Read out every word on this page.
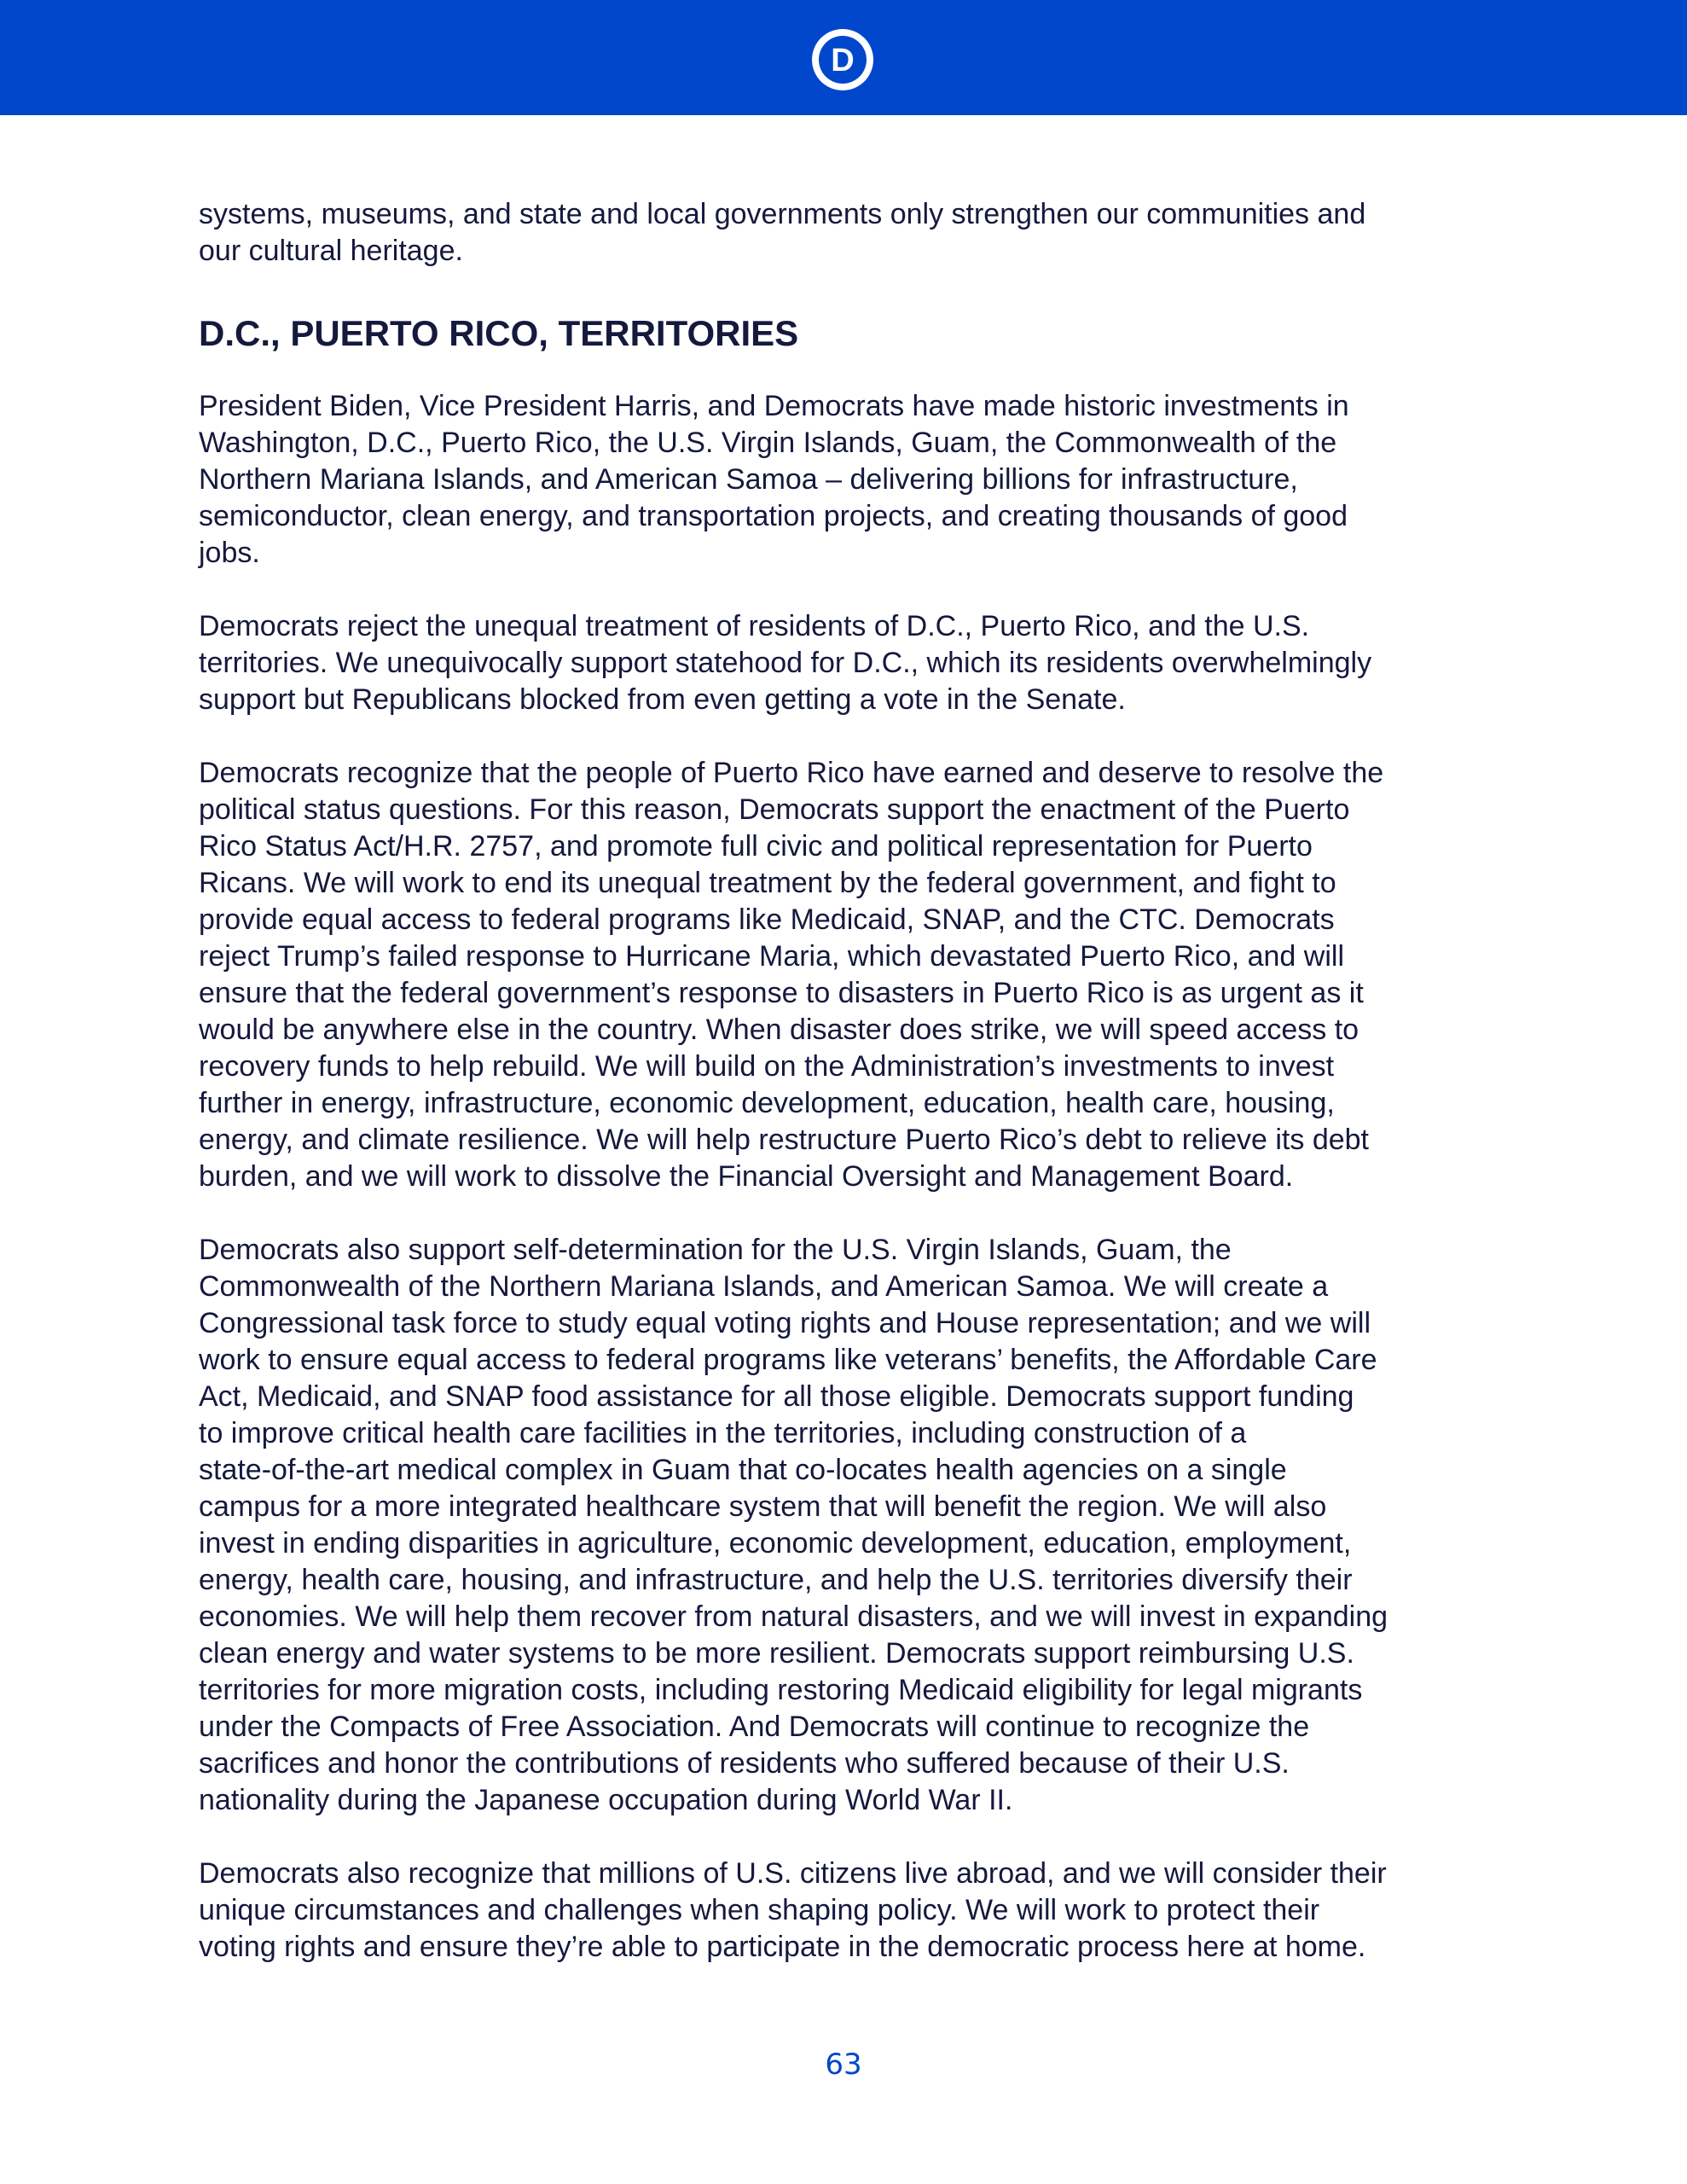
D

systems, museums, and state and local governments only strengthen our communities and
our cultural heritage.

D.C., PUERTO RICO, TERRITORIES

President Biden, Vice President Harris, and Democrats have made historic investments in
Washington, D.C., Puerto Rico, the U.S. Virgin Islands, Guam, the Commonwealth of the
Northern Mariana Islands, and American Samoa – delivering billions for infrastructure,
semiconductor, clean energy, and transportation projects, and creating thousands of good
jobs.

Democrats reject the unequal treatment of residents of D.C., Puerto Rico, and the U.S.
territories. We unequivocally support statehood for D.C., which its residents overwhelmingly
support but Republicans blocked from even getting a vote in the Senate.

Democrats recognize that the people of Puerto Rico have earned and deserve to resolve the
political status questions. For this reason, Democrats support the enactment of the Puerto
Rico Status Act/H.R. 2757, and promote full civic and political representation for Puerto
Ricans. We will work to end its unequal treatment by the federal government, and fight to
provide equal access to federal programs like Medicaid, SNAP, and the CTC. Democrats
reject Trump’s failed response to Hurricane Maria, which devastated Puerto Rico, and will
ensure that the federal government’s response to disasters in Puerto Rico is as urgent as it
would be anywhere else in the country. When disaster does strike, we will speed access to
recovery funds to help rebuild. We will build on the Administration’s investments to invest
further in energy, infrastructure, economic development, education, health care, housing,
energy, and climate resilience. We will help restructure Puerto Rico’s debt to relieve its debt
burden, and we will work to dissolve the Financial Oversight and Management Board.

Democrats also support self-determination for the U.S. Virgin Islands, Guam, the
Commonwealth of the Northern Mariana Islands, and American Samoa. We will create a
Congressional task force to study equal voting rights and House representation; and we will
work to ensure equal access to federal programs like veterans’ benefits, the Affordable Care
Act, Medicaid, and SNAP food assistance for all those eligible. Democrats support funding
to improve critical health care facilities in the territories, including construction of a
state-of-the-art medical complex in Guam that co-locates health agencies on a single
campus for a more integrated healthcare system that will benefit the region. We will also
invest in ending disparities in agriculture, economic development, education, employment,
energy, health care, housing, and infrastructure, and help the U.S. territories diversify their
economies. We will help them recover from natural disasters, and we will invest in expanding
clean energy and water systems to be more resilient. Democrats support reimbursing U.S.
territories for more migration costs, including restoring Medicaid eligibility for legal migrants
under the Compacts of Free Association. And Democrats will continue to recognize the
sacrifices and honor the contributions of residents who suffered because of their U.S.
nationality during the Japanese occupation during World War II.

Democrats also recognize that millions of U.S. citizens live abroad, and we will consider their
unique circumstances and challenges when shaping policy. We will work to protect their
voting rights and ensure they’re able to participate in the democratic process here at home.

63
